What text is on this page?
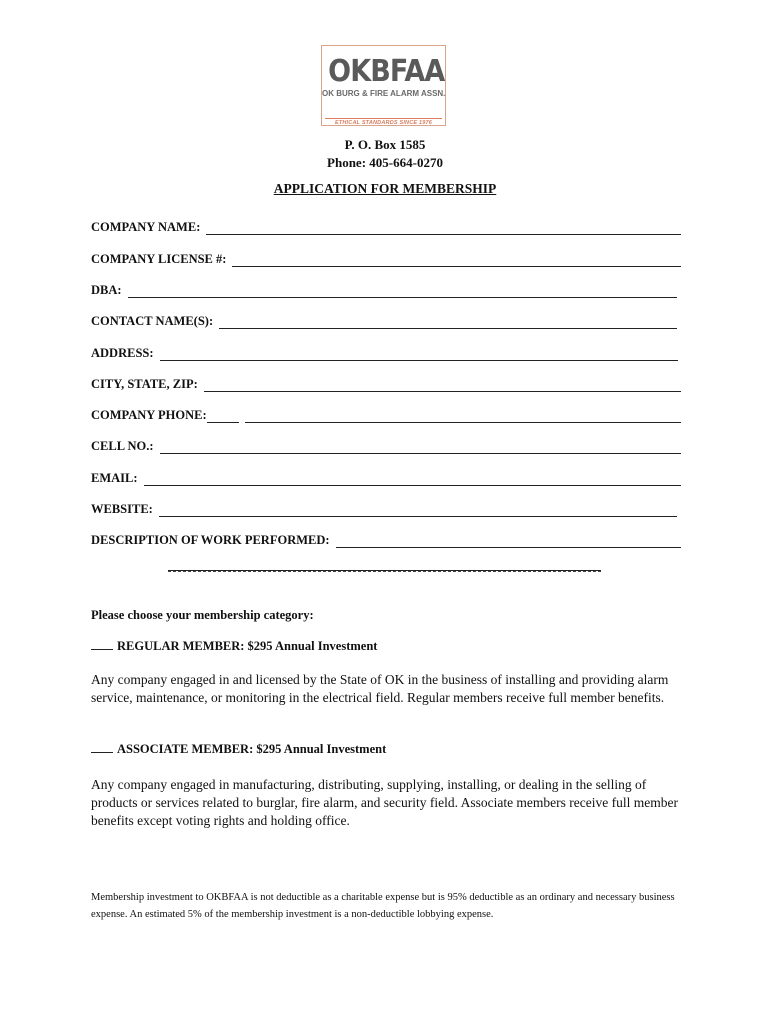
OKBFAA
OK BURG & FIRE ALARM ASSN.
ETHICAL STANDARDS SINCE 1976
P. O. Box 1585
Phone: 405-664-0270
APPLICATION FOR MEMBERSHIP
COMPANY NAME:
COMPANY LICENSE #:
DBA:
CONTACT NAME(S):
ADDRESS:
CITY, STATE, ZIP:
COMPANY PHONE:
CELL NO.:
EMAIL:
WEBSITE:
DESCRIPTION OF WORK PERFORMED:
Please choose your membership category:
REGULAR MEMBER: $295 Annual Investment
Any company engaged in and licensed by the State of OK in the business of installing and providing alarm service, maintenance, or monitoring in the electrical field. Regular members receive full member benefits.
ASSOCIATE MEMBER: $295 Annual Investment
Any company engaged in manufacturing, distributing, supplying, installing, or dealing in the selling of products or services related to burglar, fire alarm, and security field. Associate members receive full member benefits except voting rights and holding office.
Membership investment to OKBFAA is not deductible as a charitable expense but is 95% deductible as an ordinary and necessary business expense. An estimated 5% of the membership investment is a non-deductible lobbying expense.
